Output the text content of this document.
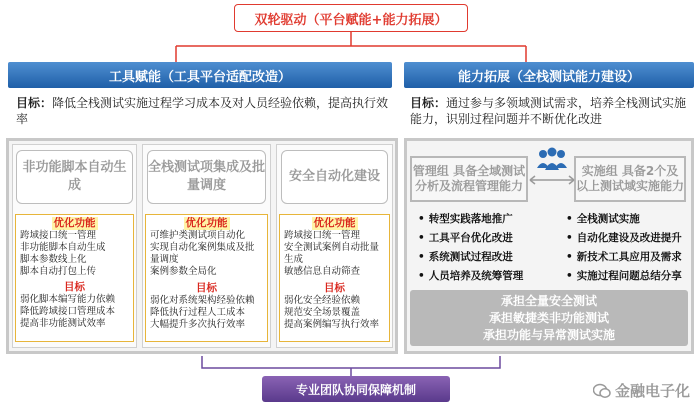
双轮驱动（平台赋能+能力拓展）
工具赋能（工具平台适配改造）
目标：降低全栈测试实施过程学习成本及对人员经验依赖，提高执行效率
非功能脚本自动生成
全栈测试项集成及批量调度
安全自动化建设
优化功能
跨域接口统一管理
非功能脚本自动生成
脚本参数线上化
脚本自动打包上传
目标
弱化脚本编写能力依赖
降低跨域接口管理成本
提高非功能测试效率
优化功能
可维护类测试项自动化
实现自动化案例集成及批量调度
案例参数全局化
目标
弱化对系统架构经验依赖
降低执行过程人工成本
大幅提升多次执行效率
优化功能
跨域接口统一管理
安全测试案例自动批量生成
敏感信息自动筛查
目标
弱化安全经验依赖
规范安全场景覆盖
提高案例编写执行效率
能力拓展（全栈测试能力建设）
目标：通过参与多领域测试需求，培养全栈测试实施能力，识别过程问题并不断优化改进
管理组 具备全域测试分析及流程管理能力
实施组 具备2个及以上测试域实施能力
• 转型实践落地推广
• 工具平台优化改进
• 系统测试过程改进
• 人员培养及统筹管理
• 全栈测试实施
• 自动化建设及改进提升
• 新技术工具应用及需求
• 实施过程问题总结分享
承担全量安全测试
承担敏捷类非功能测试
承担功能与异常测试实施
专业团队协同保障机制	金融电子化
